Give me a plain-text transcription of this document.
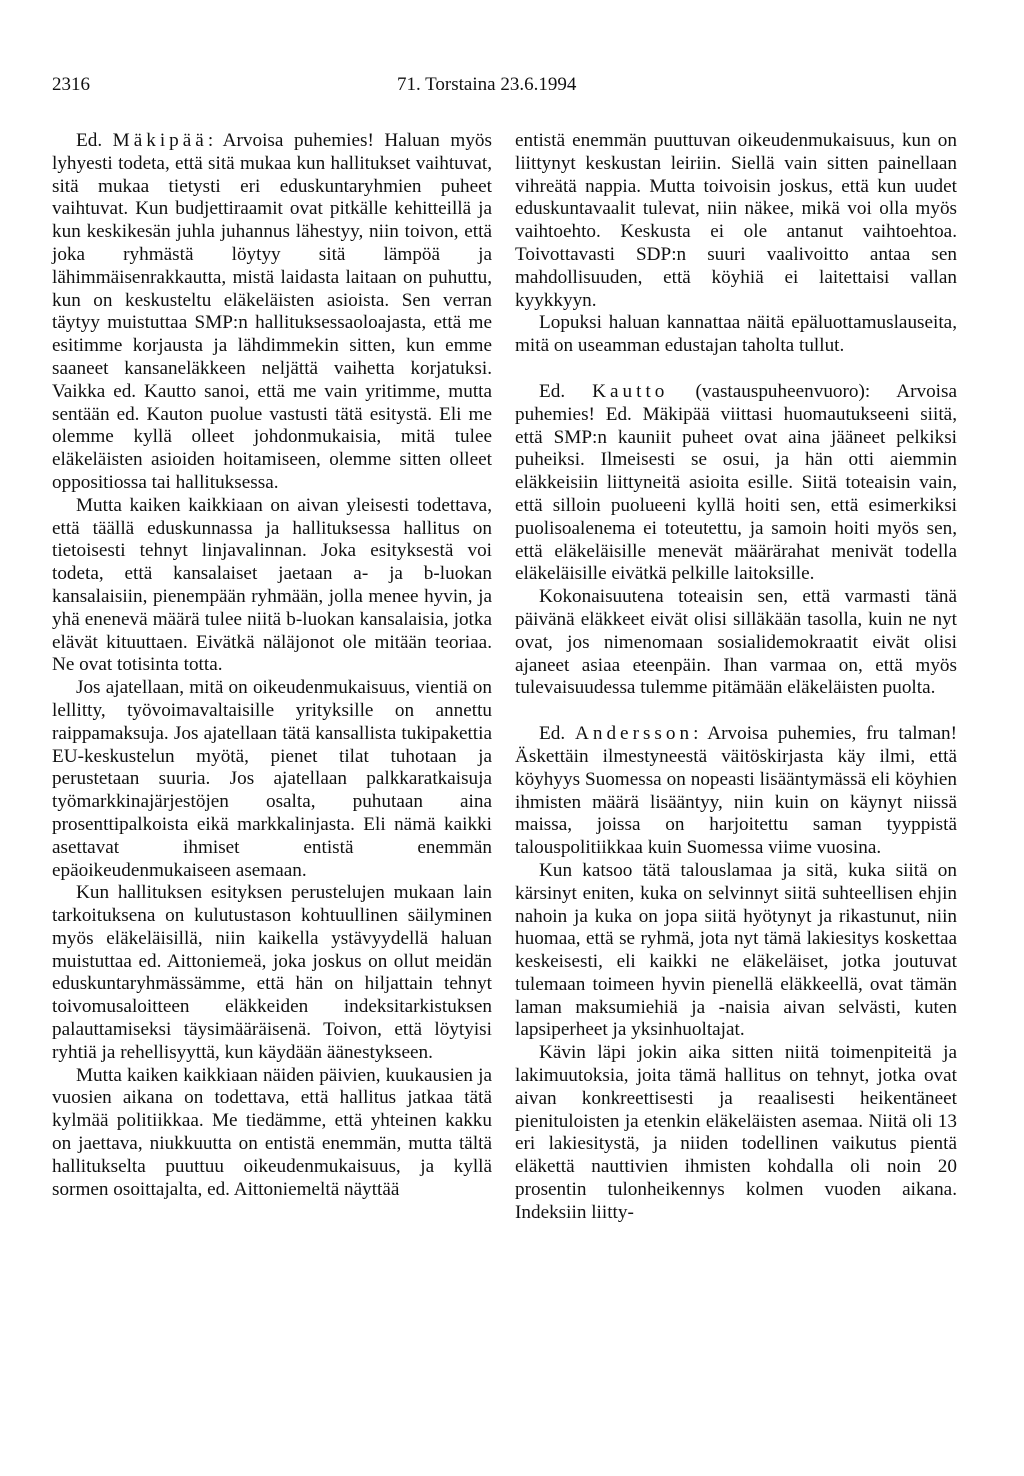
2316	71. Torstaina 23.6.1994

Ed. Mäkipää: Arvoisa puhemies! Haluan myös lyhyesti todeta, että sitä mukaa kun hallitukset vaihtuvat, sitä mukaa tietysti eri eduskuntaryhmien puheet vaihtuvat. Kun budjettiraamit ovat pitkälle kehitteillä ja kun keskikesän juhla juhannus lähestyy, niin toivon, että joka ryhmästä löytyy sitä lämpöä ja lähimmäisenrakkautta, mistä laidasta laitaan on puhuttu, kun on keskusteltu eläkeläisten asioista. Sen verran täytyy muistuttaa SMP:n hallituksessaoloajasta, että me esitimme korjausta ja lähdimmekin sitten, kun emme saaneet kansaneläkkeen neljättä vaihetta korjatuksi. Vaikka ed. Kautto sanoi, että me vain yritimme, mutta sentään ed. Kauton puolue vastusti tätä esitystä. Eli me olemme kyllä olleet johdonmukaisia, mitä tulee eläkeläisten asioiden hoitamiseen, olemme sitten olleet oppositiossa tai hallituksessa.

Mutta kaiken kaikkiaan on aivan yleisesti todettava, että täällä eduskunnassa ja hallituksessa hallitus on tietoisesti tehnyt linjavalinnan. Joka esityksestä voi todeta, että kansalaiset jaetaan a- ja b-luokan kansalaisiin, pienempään ryhmään, jolla menee hyvin, ja yhä enenevä määrä tulee niitä b-luokan kansalaisia, jotka elävät kituuttaen. Eivätkä näläjonot ole mitään teoriaa. Ne ovat totisinta totta.

Jos ajatellaan, mitä on oikeudenmukaisuus, vientiä on lellitty, työvoimavaltaisille yrityksille on annettu raippamaksuja. Jos ajatellaan tätä kansallista tukipakettia EU-keskustelun myötä, pienet tilat tuhotaan ja perustetaan suuria. Jos ajatellaan palkkaratkaisuja työmarkkinajärjestöjen osalta, puhutaan aina prosenttipalkoista eikä markkalinjasta. Eli nämä kaikki asettavat ihmiset entistä enemmän epäoikeudenmukaiseen asemaan.

Kun hallituksen esityksen perustelujen mukaan lain tarkoituksena on kulutustason kohtuullinen säilyminen myös eläkeläisillä, niin kaikella ystävyydellä haluan muistuttaa ed. Aittoniemeä, joka joskus on ollut meidän eduskuntaryhmässämme, että hän on hiljattain tehnyt toivomusaloitteen eläkkeiden indeksitarkistuksen palauttamiseksi täysimääräisenä. Toivon, että löytyisi ryhtiä ja rehellisyyttä, kun käydään äänestykseen.

Mutta kaiken kaikkiaan näiden päivien, kuukausien ja vuosien aikana on todettava, että hallitus jatkaa tätä kylmää politiikkaa. Me tiedämme, että yhteinen kakku on jaettava, niukkuutta on entistä enemmän, mutta tältä hallitukselta puuttuu oikeudenmukaisuus, ja kyllä sormen osoittajalta, ed. Aittoniemeltä näyttää

entistä enemmän puuttuvan oikeudenmukaisuus, kun on liittynyt keskustan leiriin. Siellä vain sitten painellaan vihreätä nappia. Mutta toivoisin joskus, että kun uudet eduskuntavaalit tulevat, niin näkee, mikä voi olla myös vaihtoehto. Keskusta ei ole antanut vaihtoehtoa. Toivottavasti SDP:n suuri vaalivoitto antaa sen mahdollisuuden, että köyhiä ei laitettaisi vallan kyykkyyn.

Lopuksi haluan kannattaa näitä epäluottamuslauseita, mitä on useamman edustajan taholta tullut.

Ed. Kautto (vastauspuheenvuoro): Arvoisa puhemies! Ed. Mäkipää viittasi huomautukseeni siitä, että SMP:n kauniit puheet ovat aina jääneet pelkiksi puheiksi. Ilmeisesti se osui, ja hän otti aiemmin eläkkeisiin liittyneitä asioita esille. Siitä toteaisin vain, että silloin puolueeni kyllä hoiti sen, että esimerkiksi puolisoalenema ei toteutettu, ja samoin hoiti myös sen, että eläkeläisille menevät määrärahat menivät todella eläkeläisille eivätkä pelkille laitoksille.

Kokonaisuutena toteaisin sen, että varmasti tänä päivänä eläkkeet eivät olisi silläkään tasolla, kuin ne nyt ovat, jos nimenomaan sosialidemokraatit eivät olisi ajaneet asiaa eteenpäin. Ihan varmaa on, että myös tulevaisuudessa tulemme pitämään eläkeläisten puolta.

Ed. Andersson: Arvoisa puhemies, fru talman! Äskettäin ilmestyneestä väitöskirjasta käy ilmi, että köyhyys Suomessa on nopeasti lisääntymässä eli köyhien ihmisten määrä lisääntyy, niin kuin on käynyt niissä maissa, joissa on harjoitettu saman tyyppistä talouspolitiikkaa kuin Suomessa viime vuosina.

Kun katsoo tätä talouslamaa ja sitä, kuka siitä on kärsinyt eniten, kuka on selvinnyt siitä suhteellisen ehjin nahoin ja kuka on jopa siitä hyötynyt ja rikastunut, niin huomaa, että se ryhmä, jota nyt tämä lakiesitys koskettaa keskeisesti, eli kaikki ne eläkeläiset, jotka joutuvat tulemaan toimeen hyvin pienellä eläkkeellä, ovat tämän laman maksumiehiä ja -naisia aivan selvästi, kuten lapsiperheet ja yksinhuoltajat.

Kävin läpi jokin aika sitten niitä toimenpiteitä ja lakimuutoksia, joita tämä hallitus on tehnyt, jotka ovat aivan konkreettisesti ja reaalisesti heikentäneet pienituloisten ja etenkin eläkeläisten asemaa. Niitä oli 13 eri lakiesitystä, ja niiden todellinen vaikutus pientä eläkettä nauttivien ihmisten kohdalla oli noin 20 prosentin tulonheikennys kolmen vuoden aikana. Indeksiin liitty-
